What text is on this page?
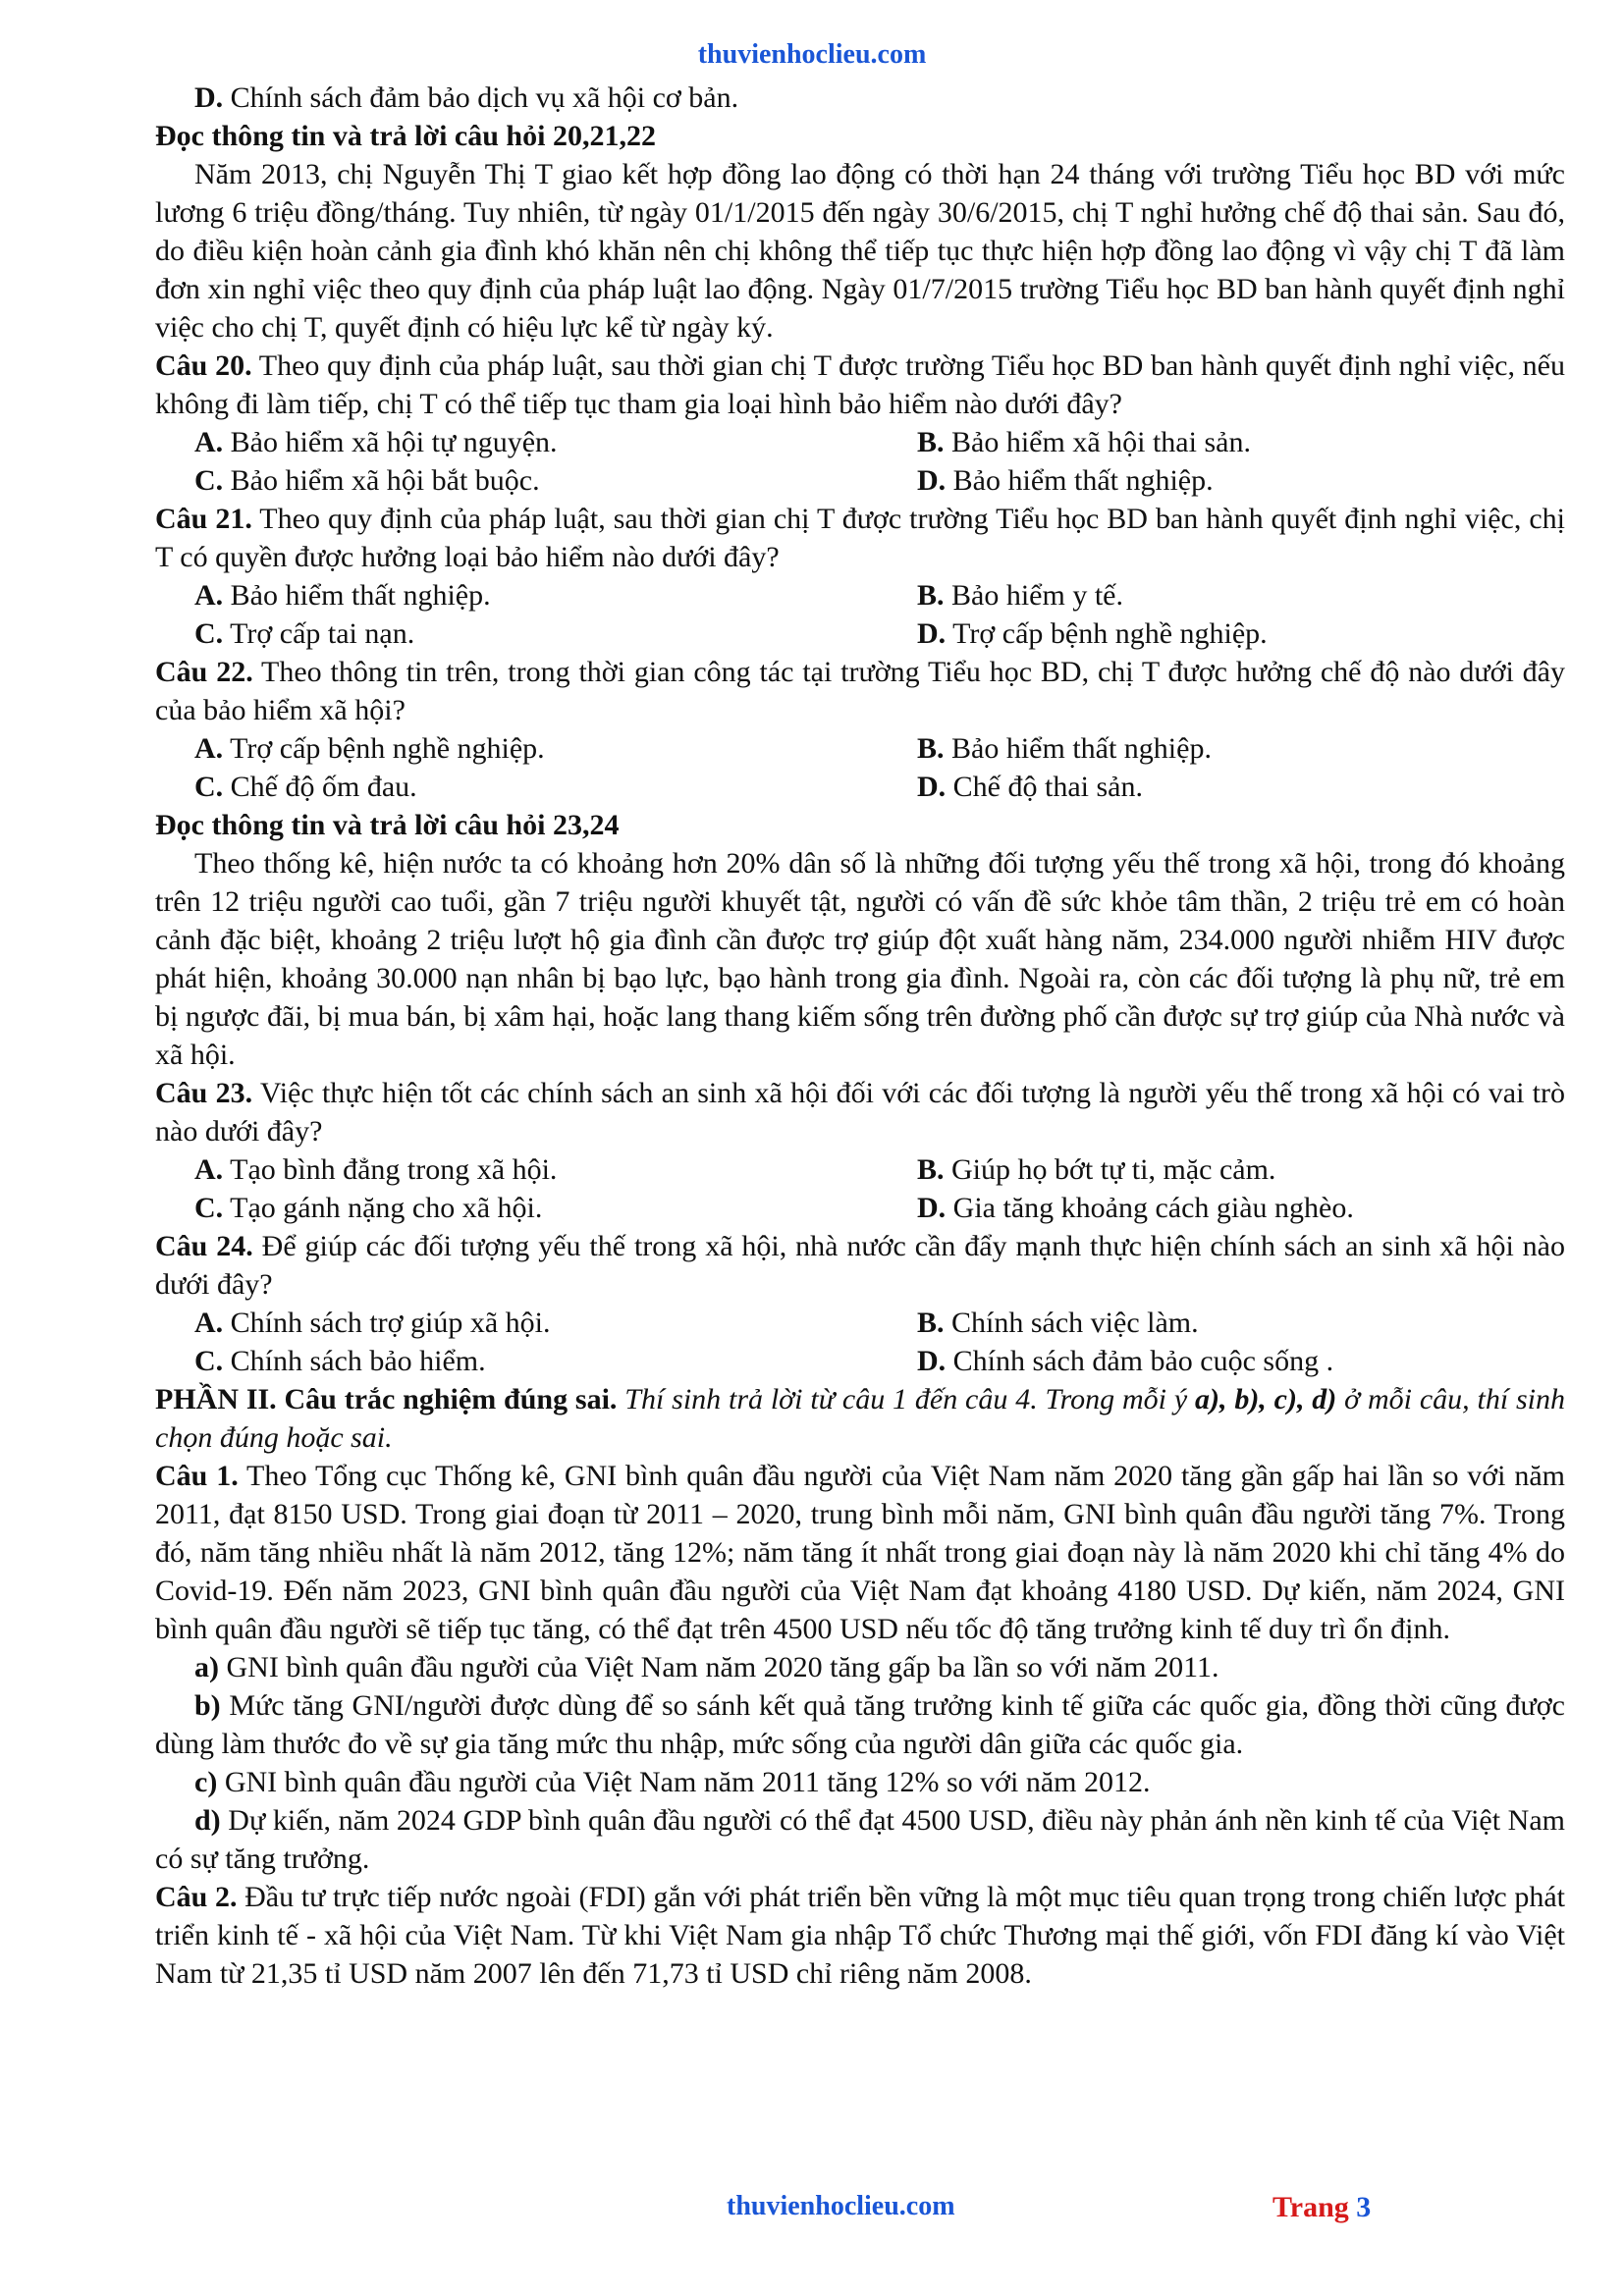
thuvienhoclieu.com

D. Chính sách đảm bảo dịch vụ xã hội cơ bản.

Đọc thông tin và trả lời câu hỏi 20,21,22

Năm 2013, chị Nguyễn Thị T giao kết hợp đồng lao động có thời hạn 24 tháng với trường Tiểu học BD với mức lương 6 triệu đồng/tháng. Tuy nhiên, từ ngày 01/1/2015 đến ngày 30/6/2015, chị T nghỉ hưởng chế độ thai sản. Sau đó, do điều kiện hoàn cảnh gia đình khó khăn nên chị không thể tiếp tục thực hiện hợp đồng lao động vì vậy chị T đã làm đơn xin nghỉ việc theo quy định của pháp luật lao động. Ngày 01/7/2015 trường Tiểu học BD ban hành quyết định nghỉ việc cho chị T, quyết định có hiệu lực kể từ ngày ký.

Câu 20. Theo quy định của pháp luật, sau thời gian chị T được trường Tiểu học BD ban hành quyết định nghỉ việc, nếu không đi làm tiếp, chị T có thể tiếp tục tham gia loại hình bảo hiểm nào dưới đây?

A. Bảo hiểm xã hội tự nguyện.	B. Bảo hiểm xã hội thai sản.
C. Bảo hiểm xã hội bắt buộc.	D. Bảo hiểm thất nghiệp.

Câu 21. Theo quy định của pháp luật, sau thời gian chị T được trường Tiểu học BD ban hành quyết định nghỉ việc, chị T có quyền được hưởng loại bảo hiểm nào dưới đây?

A. Bảo hiểm thất nghiệp.	B. Bảo hiểm y tế.
C. Trợ cấp tai nạn.	D. Trợ cấp bệnh nghề nghiệp.

Câu 22. Theo thông tin trên, trong thời gian công tác tại trường Tiểu học BD, chị T được hưởng chế độ nào dưới đây của bảo hiểm xã hội?

A. Trợ cấp bệnh nghề nghiệp.	B. Bảo hiểm thất nghiệp.
C. Chế độ ốm đau.	D. Chế độ thai sản.

Đọc thông tin và trả lời câu hỏi 23,24

Theo thống kê, hiện nước ta có khoảng hơn 20% dân số là những đối tượng yếu thế trong xã hội, trong đó khoảng trên 12 triệu người cao tuổi, gần 7 triệu người khuyết tật, người có vấn đề sức khỏe tâm thần, 2 triệu trẻ em có hoàn cảnh đặc biệt, khoảng 2 triệu lượt hộ gia đình cần được trợ giúp đột xuất hàng năm, 234.000 người nhiễm HIV được phát hiện, khoảng 30.000 nạn nhân bị bạo lực, bạo hành trong gia đình. Ngoài ra, còn các đối tượng là phụ nữ, trẻ em bị ngược đãi, bị mua bán, bị xâm hại, hoặc lang thang kiếm sống trên đường phố cần được sự trợ giúp của Nhà nước và xã hội.

Câu 23. Việc thực hiện tốt các chính sách an sinh xã hội đối với các đối tượng là người yếu thế trong xã hội có vai trò nào dưới đây?

A. Tạo bình đẳng trong xã hội.	B. Giúp họ bớt tự ti, mặc cảm.
C. Tạo gánh nặng cho xã hội.	D. Gia tăng khoảng cách giàu nghèo.

Câu 24. Để giúp các đối tượng yếu thế trong xã hội, nhà nước cần đẩy mạnh thực hiện chính sách an sinh xã hội nào dưới đây?

A. Chính sách trợ giúp xã hội.	B. Chính sách việc làm.
C. Chính sách bảo hiểm.	D. Chính sách đảm bảo cuộc sống .

PHẦN II. Câu trắc nghiệm đúng sai. Thí sinh trả lời từ câu 1 đến câu 4. Trong mỗi ý a), b), c), d) ở mỗi câu, thí sinh chọn đúng hoặc sai.

Câu 1. Theo Tổng cục Thống kê, GNI bình quân đầu người của Việt Nam năm 2020 tăng gần gấp hai lần so với năm 2011, đạt 8150 USD. Trong giai đoạn từ 2011 – 2020, trung bình mỗi năm, GNI bình quân đầu người tăng 7%. Trong đó, năm tăng nhiều nhất là năm 2012, tăng 12%; năm tăng ít nhất trong giai đoạn này là năm 2020 khi chỉ tăng 4% do Covid-19. Đến năm 2023, GNI bình quân đầu người của Việt Nam đạt khoảng 4180 USD. Dự kiến, năm 2024, GNI bình quân đầu người sẽ tiếp tục tăng, có thể đạt trên 4500 USD nếu tốc độ tăng trưởng kinh tế duy trì ổn định.

a) GNI bình quân đầu người của Việt Nam năm 2020 tăng gấp ba lần so với năm 2011.

b) Mức tăng GNI/người được dùng để so sánh kết quả tăng trưởng kinh tế giữa các quốc gia, đồng thời cũng được dùng làm thước đo về sự gia tăng mức thu nhập, mức sống của người dân giữa các quốc gia.

c) GNI bình quân đầu người của Việt Nam năm 2011 tăng 12% so với năm 2012.

d) Dự kiến, năm 2024 GDP bình quân đầu người có thể đạt 4500 USD, điều này phản ánh nền kinh tế của Việt Nam có sự tăng trưởng.

Câu 2. Đầu tư trực tiếp nước ngoài (FDI) gắn với phát triển bền vững là một mục tiêu quan trọng trong chiến lược phát triển kinh tế - xã hội của Việt Nam. Từ khi Việt Nam gia nhập Tổ chức Thương mại thế giới, vốn FDI đăng kí vào Việt Nam từ 21,35 tỉ USD năm 2007 lên đến 71,73 tỉ USD chỉ riêng năm 2008.

thuvienhoclieu.com	Trang 3
